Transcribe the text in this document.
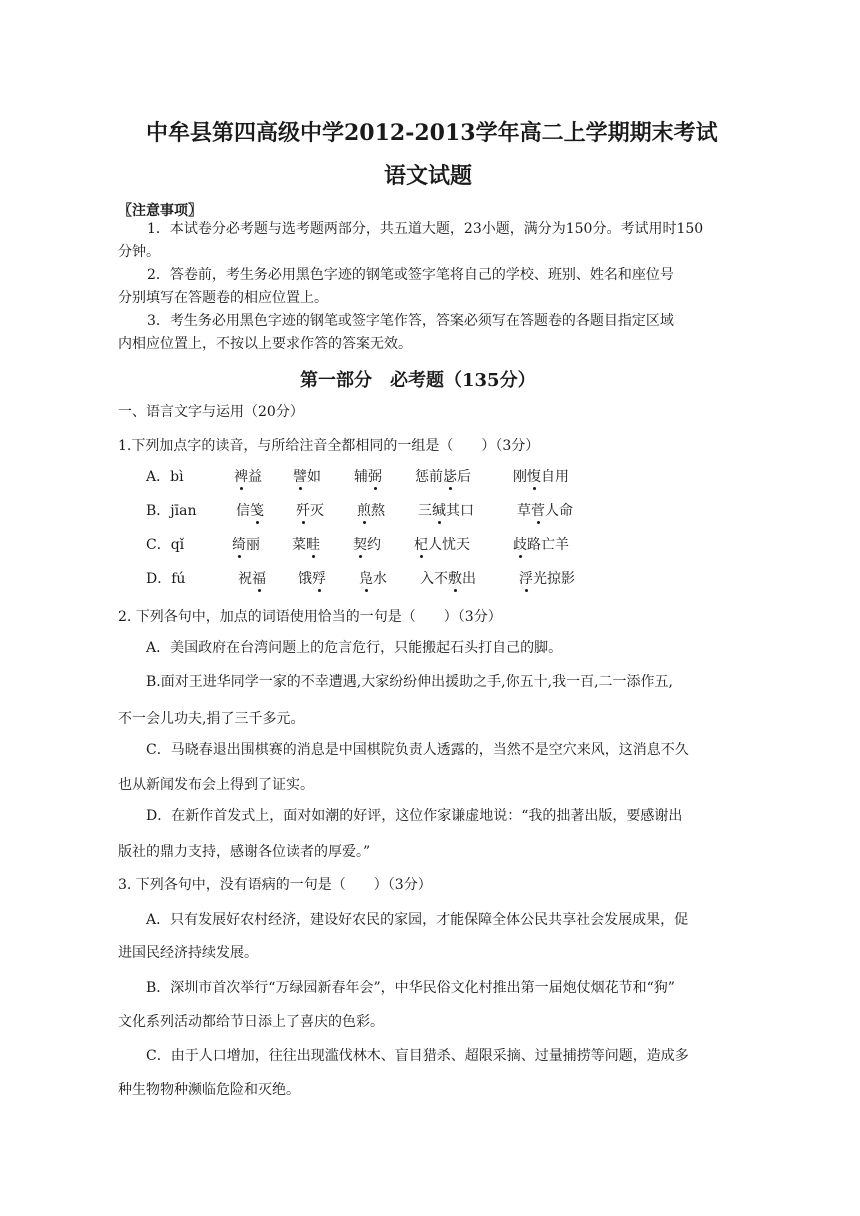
中牟县第四高级中学2012-2013学年高二上学期期末考试
语文试题
〖注意事项〗
1．本试卷分必考题与选考题两部分，共五道大题，23小题，满分为150分。考试用时150
分钟。
2．答卷前，考生务必用黑色字迹的钢笔或签字笔将自己的学校、班别、姓名和座位号
分别填写在答题卷的相应位置上。
3．考生务必用黑色字迹的钢笔或签字笔作答，答案必须写在答题卷的各题目指定区域
内相应位置上，不按以上要求作答的答案无效。
第一部分　必考题（135分）
一、语言文字与运用（20分）
1.下列加点字的读音，与所给注音全都相同的一组是（　　）（3分）
A．bì	裨益 譬如 辅弼 惩前毖后	刚愎自用
B．jīan	信笺 歼灭 煎熬 三缄其口	草菅人命
C．qǐ	绮丽 菜畦 契约 杞人忧天	歧路亡羊
D．fú	祝福 饿殍 凫水 入不敷出	浮光掠影
2. 下列各句中，加点的词语使用恰当的一句是（　　）（3分）
A．美国政府在台湾问题上的危言危行，只能搬起石头打自己的脚。
B.面对王进华同学一家的不幸遭遇,大家纷纷伸出援助之手,你五十,我一百,二一添作五,
不一会儿功夫,捐了三千多元。
C．马晓春退出围棋赛的消息是中国棋院负责人透露的，当然不是空穴来风，这消息不久
也从新闻发布会上得到了证实。
D．在新作首发式上，面对如潮的好评，这位作家谦虚地说：“我的拙著出版，要感谢出
版社的鼎力支持，感谢各位读者的厚爱。”
3. 下列各句中，没有语病的一句是（　　）（3分）
A．只有发展好农村经济，建设好农民的家园，才能保障全体公民共享社会发展成果，促
进国民经济持续发展。
B．深圳市首次举行“万绿园新春年会”，中华民俗文化村推出第一届炮仗烟花节和“狗”
文化系列活动都给节日添上了喜庆的色彩。
C．由于人口增加，往往出现滥伐林木、盲目猎杀、超限采摘、过量捕捞等问题，造成多
种生物物种濒临危险和灭绝。
